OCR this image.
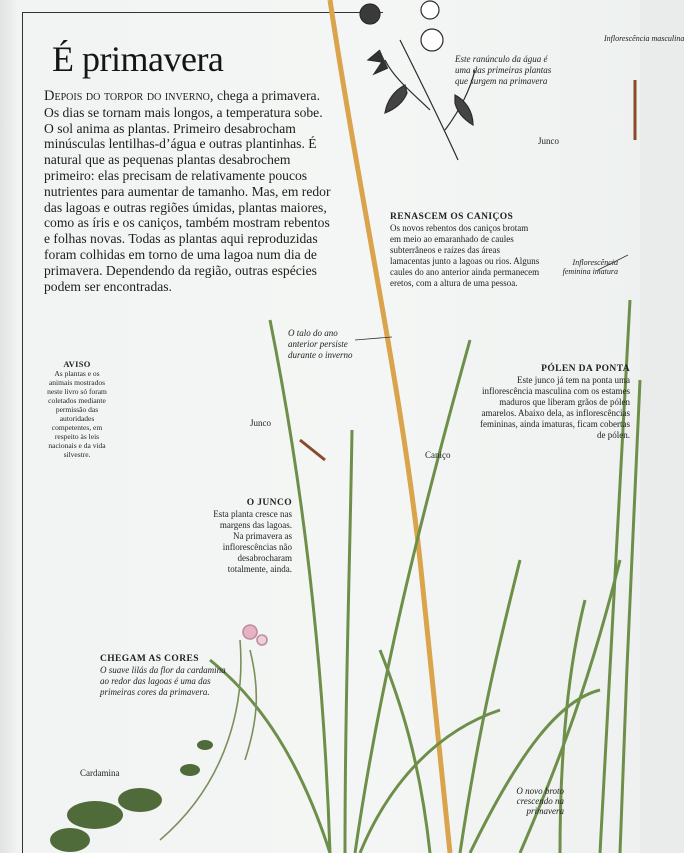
É primavera
Depois do torpor do inverno, chega a primavera. Os dias se tornam mais longos, a temperatura sobe. O sol anima as plantas. Primeiro desabrocham minúsculas lentilhas-d’água e outras plantinhas. É natural que as pequenas plantas desabrochem primeiro: elas precisam de relativamente poucos nutrientes para aumentar de tamanho. Mas, em redor das lagoas e outras regiões úmidas, plantas maiores, como as íris e os caniços, também mostram rebentos e folhas novas. Todas as plantas aqui reproduzidas foram colhidas em torno de uma lagoa num dia de primavera. Dependendo da região, outras espécies podem ser encontradas.
AVISO
As plantas e os animais mostrados neste livro só foram coletados mediante permissão das autoridades competentes, em respeito às leis nacionais e da vida silvestre.
Este ranúnculo da água é uma das primeiras plantas que surgem na primavera
RENASCEM OS CANIÇOS
Os novos rebentos dos caniços brotam em meio ao emaranhado de caules subterrâneos e raízes das áreas lamacentas junto a lagoas ou rios. Alguns caules do ano anterior ainda permanecem eretos, com a altura de uma pessoa.
O talo do ano anterior persiste durante o inverno
PÓLEN DA PONTA
Este junco já tem na ponta uma inflorescência masculina com os estames maduros que liberam grãos de pólen amarelos. Abaixo dela, as inflorescências femininas, ainda imaturas, ficam cobertas de pólen.
O JUNCO
Esta planta cresce nas margens das lagoas. Na primavera as inflorescências não desabrocharam totalmente, ainda.
CHEGAM AS CORES
O suave lilás da flor da cardamina ao redor das lagoas é uma das primeiras cores da primavera.
Junco
Junco
Caniço
Cardamina
Inflorescência feminina imatura
Inflorescência masculina
O novo broto crescendo na primavera
